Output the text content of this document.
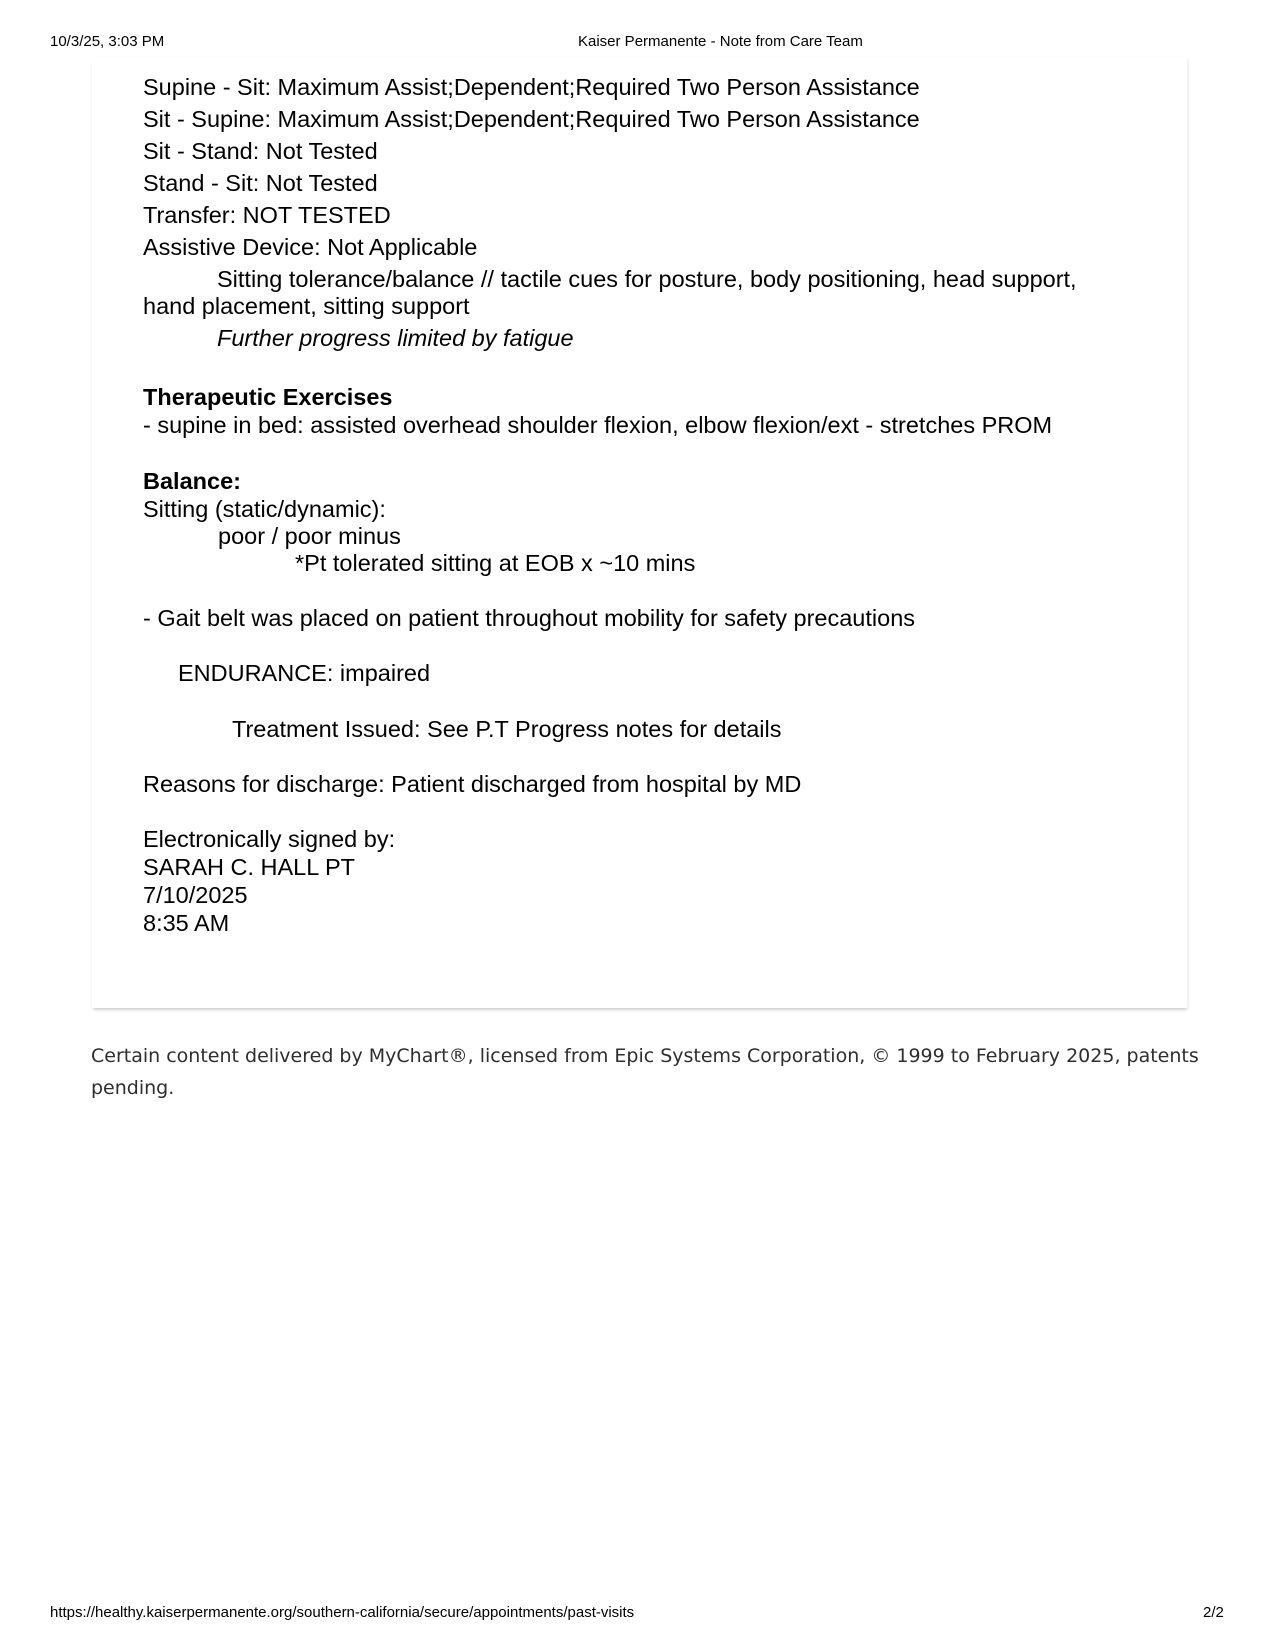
10/3/25, 3:03 PM	Kaiser Permanente - Note from Care Team
Supine - Sit: Maximum Assist;Dependent;Required Two Person Assistance
Sit - Supine: Maximum Assist;Dependent;Required Two Person Assistance
Sit - Stand: Not Tested
Stand - Sit: Not Tested
Transfer: NOT TESTED
Assistive Device: Not Applicable
Sitting tolerance/balance // tactile cues for posture, body positioning, head support,
hand placement, sitting support
Further progress limited by fatigue
Therapeutic Exercises
- supine in bed: assisted overhead shoulder flexion, elbow flexion/ext - stretches PROM
Balance:
Sitting (static/dynamic):
poor / poor minus
*Pt tolerated sitting at EOB x ~10 mins
- Gait belt was placed on patient throughout mobility for safety precautions
ENDURANCE: impaired
Treatment Issued: See P.T Progress notes for details
Reasons for discharge: Patient discharged from hospital by MD
Electronically signed by:
SARAH C. HALL PT
7/10/2025
8:35 AM
Certain content delivered by MyChart®, licensed from Epic Systems Corporation, © 1999 to February 2025, patents pending.
https://healthy.kaiserpermanente.org/southern-california/secure/appointments/past-visits	2/2
